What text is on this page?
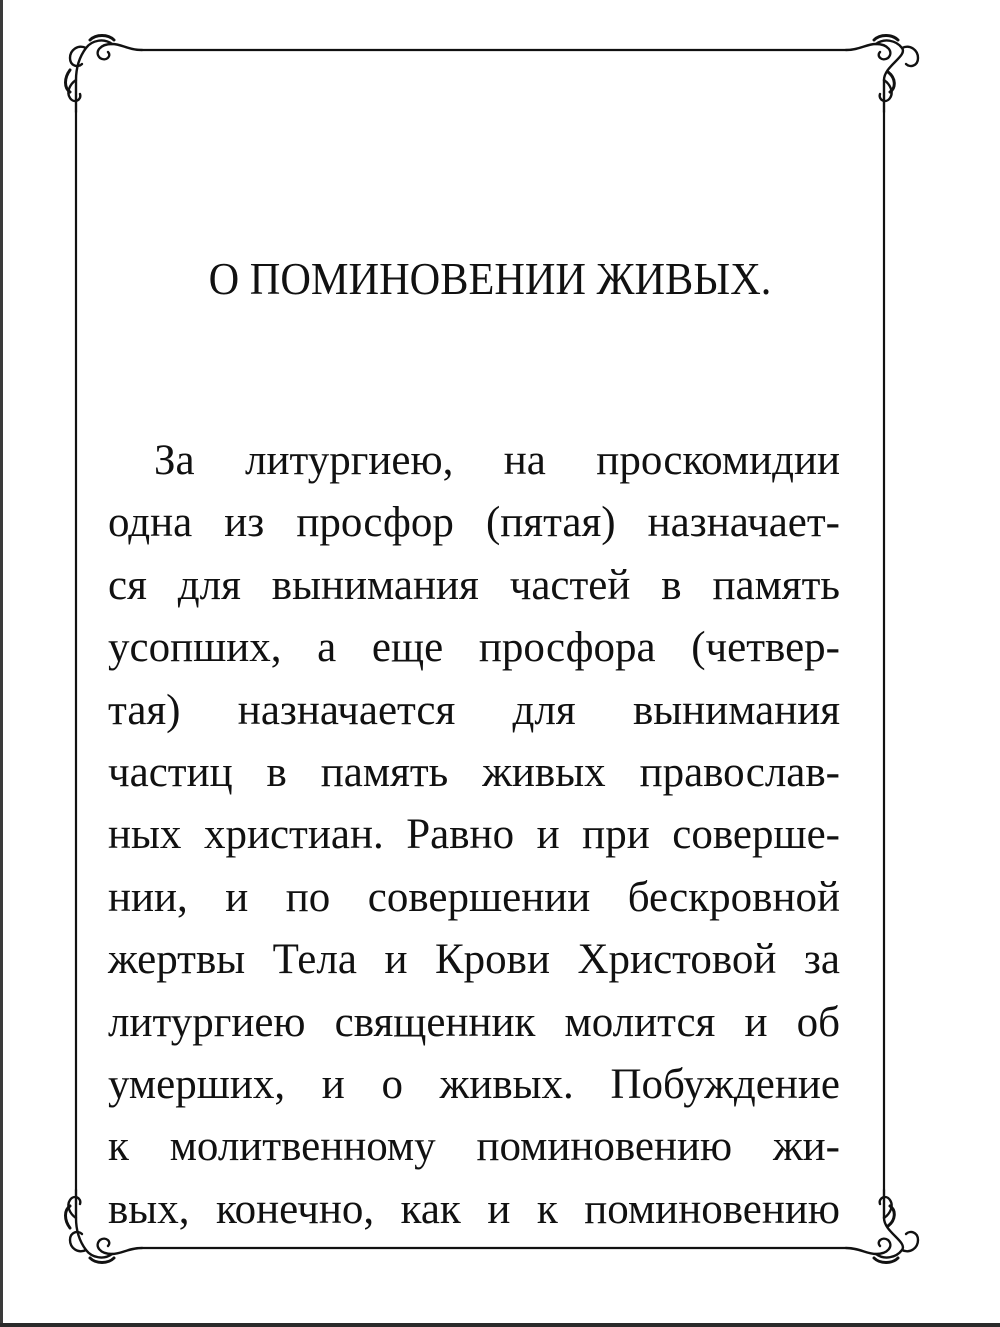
О ПОМИНОВЕНИИ ЖИВЫХ.
За литургиею, на проскомидии
одна из просфор (пятая) назначает-
ся для вынимания частей в память
усопших, а еще просфора (четвер-
тая) назначается для вынимания
частиц в память живых православ-
ных христиан. Равно и при соверше-
нии, и по совершении бескровной
жертвы Тела и Крови Христовой за
литургиею священник молится и об
умерших, и о живых. Побуждение
к молитвенному поминовению жи-
вых, конечно, как и к поминовению
